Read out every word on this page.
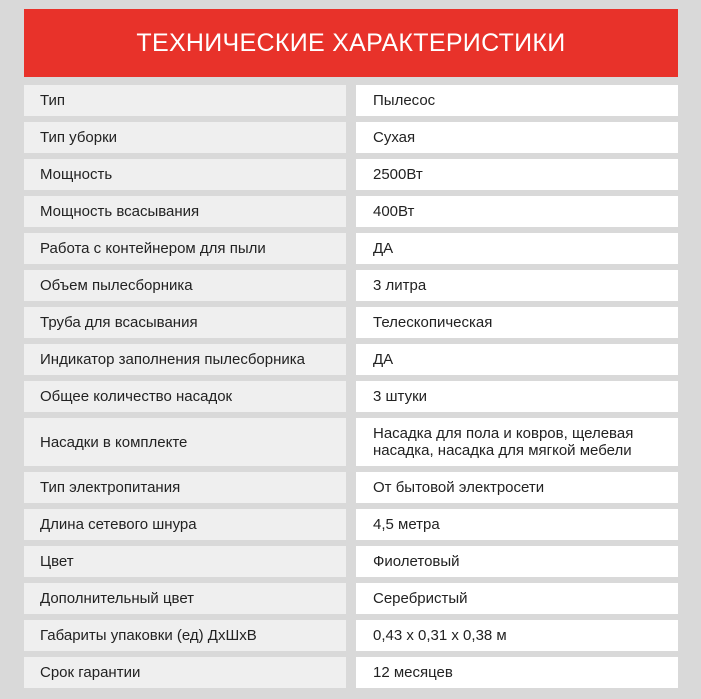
ТЕХНИЧЕСКИЕ ХАРАКТЕРИСТИКИ
Тип	Пылесос
Тип уборки	Сухая
Мощность	2500Вт
Мощность всасывания	400Вт
Работа с контейнером для пыли	ДА
Объем пылесборника	3 литра
Труба для всасывания	Телескопическая
Индикатор заполнения пылесборника	ДА
Общее количество насадок	3 штуки
Насадки в комплекте	Насадка для пола и ковров, щелевая насадка, насадка для мягкой мебели
Тип электропитания	От бытовой электросети
Длина сетевого шнура	4,5 метра
Цвет	Фиолетовый
Дополнительный цвет	Серебристый
Габариты упаковки (ед) ДхШхВ	0,43 х 0,31 х 0,38 м
Срок гарантии	12 месяцев
